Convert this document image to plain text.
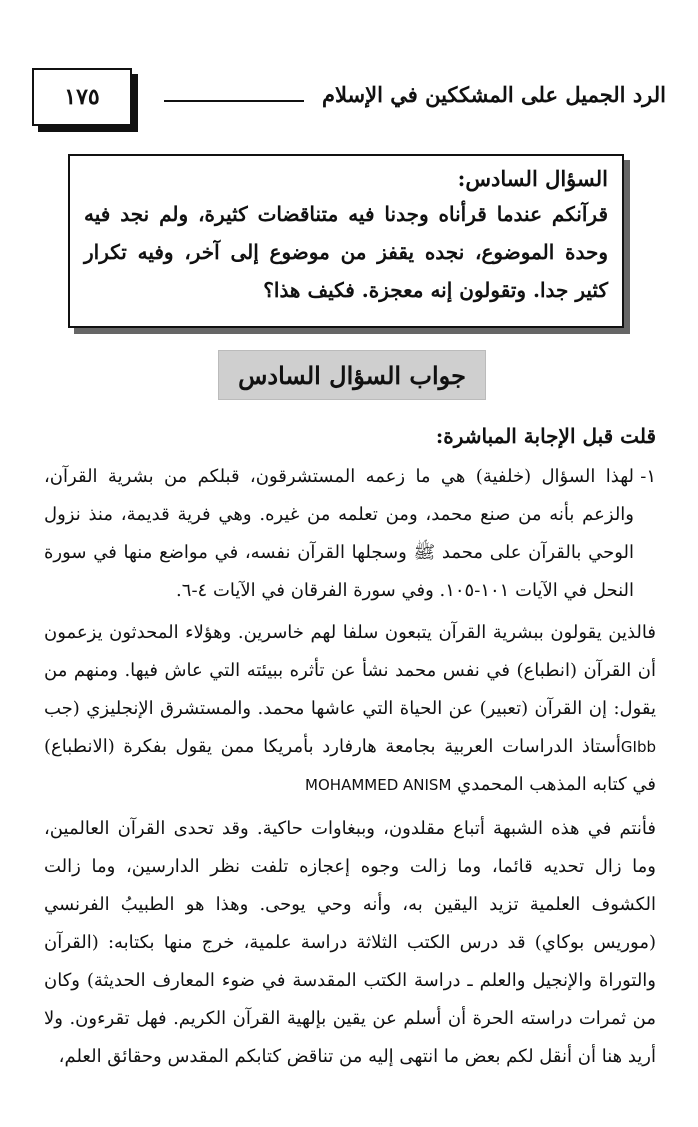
١٧٥	الرد الجميل على المشككين في الإسلام

السؤال السادس:

قرآنكم عندما قرأناه وجدنا فيه متناقضات كثيرة، ولم نجد فيه وحدة الموضوع، نجده يقفز من موضوع إلى آخر، وفيه تكرار كثير جدا. وتقولون إنه معجزة. فكيف هذا؟

جواب السؤال السادس

قلت قبل الإجابة المباشرة:

١-

لهذا السؤال (خلفية) هي ما زعمه المستشرقون، قبلكم من بشرية القرآن، والزعم بأنه من صنع محمد، ومن تعلمه من غيره. وهي فرية قديمة، منذ نزول الوحي بالقرآن على محمد ﷺ وسجلها القرآن نفسه، في مواضع منها في سورة النحل في الآيات ١٠١-١٠٥. وفي سورة الفرقان في الآيات ٤-٦.

فالذين يقولون ببشرية القرآن يتبعون سلفا لهم خاسرين. وهؤلاء المحدثون يزعمون أن القرآن (انطباع) في نفس محمد نشأ عن تأثره ببيئته التي عاش فيها. ومنهم من يقول: إن القرآن (تعبير) عن الحياة التي عاشها محمد. والمستشرق الإنجليزي (جب GIbbأستاذ الدراسات العربية بجامعة هارفارد بأمريكا ممن يقول بفكرة (الانطباع) في كتابه المذهب المحمدي MOHAMMED ANISM

فأنتم في هذه الشبهة أتباع مقلدون، وببغاوات حاكية. وقد تحدى القرآن العالمين، وما زال تحديه قائما، وما زالت وجوه إعجازه تلفت نظر الدارسين، وما زالت الكشوف العلمية تزيد اليقين به، وأنه وحي يوحى. وهذا هو الطبيبُ الفرنسي (موريس بوكاي) قد درس الكتب الثلاثة دراسة علمية، خرج منها بكتابه: (القرآن والتوراة والإنجيل والعلم ـ دراسة الكتب المقدسة في ضوء المعارف الحديثة) وكان من ثمرات دراسته الحرة أن أسلم عن يقين بإلهية القرآن الكريم. فهل تقرءون. ولا أريد هنا أن أنقل لكم بعض ما انتهى إليه من تناقض كتابكم المقدس وحقائق العلم،
